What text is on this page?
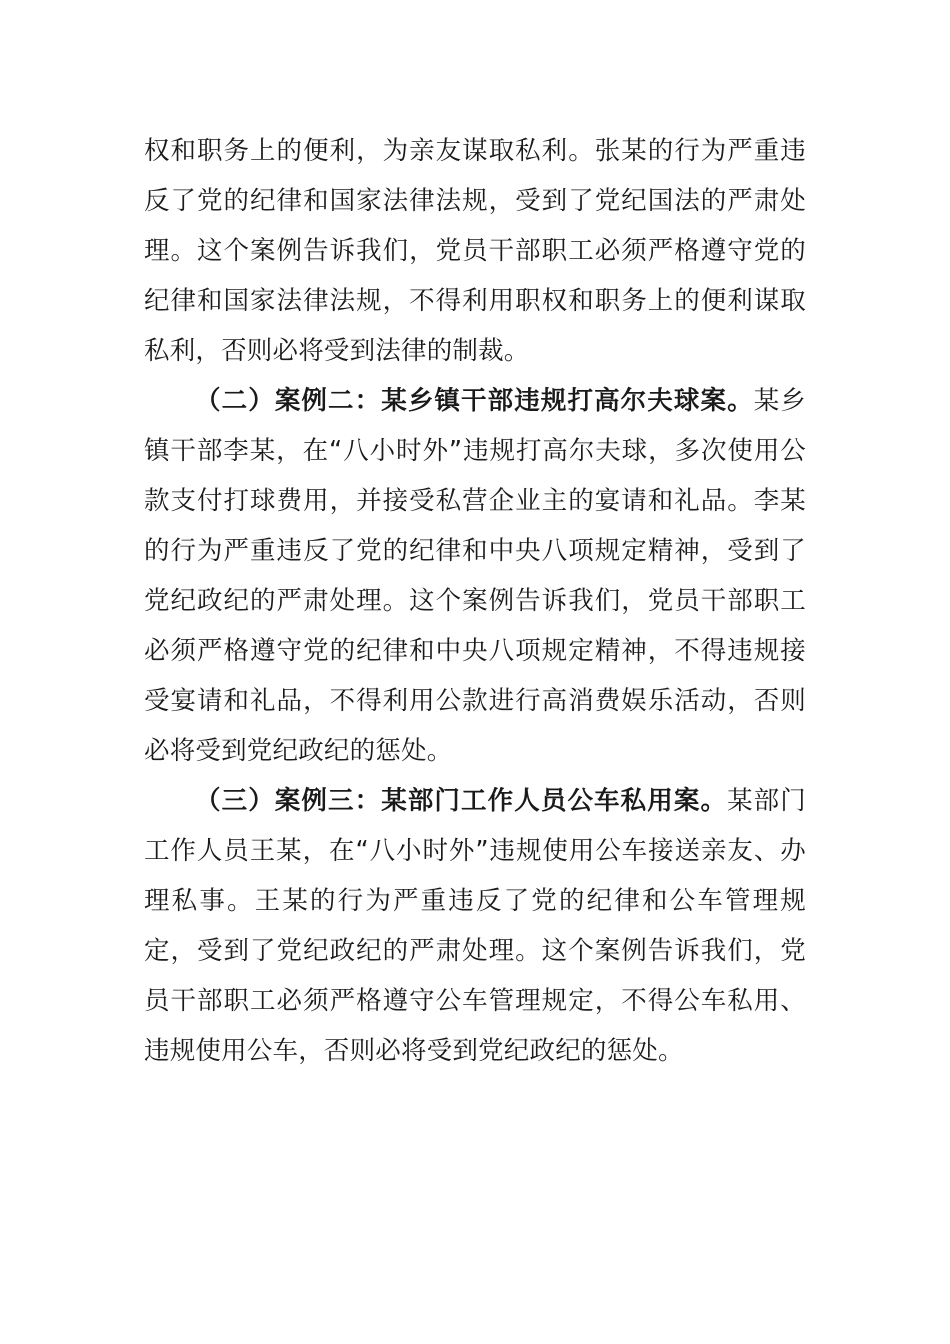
权和职务上的便利，为亲友谋取私利。张某的行为严重违反了党的纪律和国家法律法规，受到了党纪国法的严肃处理。这个案例告诉我们，党员干部职工必须严格遵守党的纪律和国家法律法规，不得利用职权和职务上的便利谋取私利，否则必将受到法律的制裁。

（二）案例二：某乡镇干部违规打高尔夫球案。某乡镇干部李某，在“八小时外”违规打高尔夫球，多次使用公款支付打球费用，并接受私营企业主的宴请和礼品。李某的行为严重违反了党的纪律和中央八项规定精神，受到了党纪政纪的严肃处理。这个案例告诉我们，党员干部职工必须严格遵守党的纪律和中央八项规定精神，不得违规接受宴请和礼品，不得利用公款进行高消费娱乐活动，否则必将受到党纪政纪的惩处。

（三）案例三：某部门工作人员公车私用案。某部门工作人员王某，在“八小时外”违规使用公车接送亲友、办理私事。王某的行为严重违反了党的纪律和公车管理规定，受到了党纪政纪的严肃处理。这个案例告诉我们，党员干部职工必须严格遵守公车管理规定，不得公车私用、违规使用公车，否则必将受到党纪政纪的惩处。
